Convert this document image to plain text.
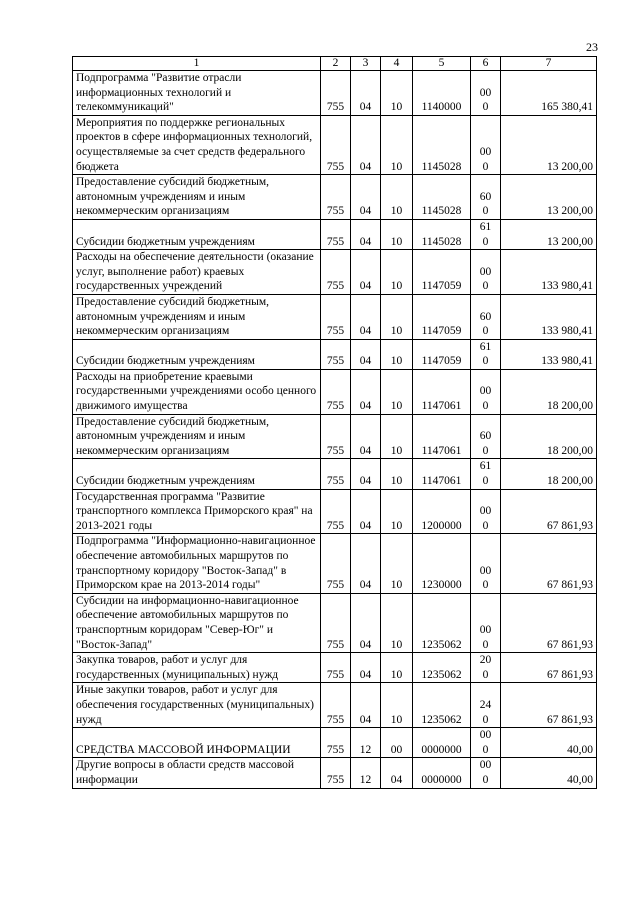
23
1	2	3	4	5	6	7
Подпрограмма "Развитие отрасли информационных технологий и телекоммуникаций"	755	04	10	1140000	000	165 380,41
Мероприятия по поддержке региональных проектов в сфере информационных технологий, осуществляемые за счет средств федерального бюджета	755	04	10	1145028	000	13 200,00
Предоставление субсидий бюджетным, автономным учреждениям и иным некоммерческим организациям	755	04	10	1145028	600	13 200,00
Субсидии бюджетным учреждениям	755	04	10	1145028	610	13 200,00
Расходы на обеспечение деятельности (оказание услуг, выполнение работ) краевых государственных учреждений	755	04	10	1147059	000	133 980,41
Предоставление субсидий бюджетным, автономным учреждениям и иным некоммерческим организациям	755	04	10	1147059	600	133 980,41
Субсидии бюджетным учреждениям	755	04	10	1147059	610	133 980,41
Расходы на приобретение краевыми государственными учреждениями особо ценного движимого имущества	755	04	10	1147061	000	18 200,00
Предоставление субсидий бюджетным, автономным учреждениям и иным некоммерческим организациям	755	04	10	1147061	600	18 200,00
Субсидии бюджетным учреждениям	755	04	10	1147061	610	18 200,00
Государственная программа "Развитие транспортного комплекса Приморского края" на 2013-2021 годы	755	04	10	1200000	000	67 861,93
Подпрограмма "Информационно-навигационное обеспечение автомобильных маршрутов по транспортному коридору "Восток-Запад" в Приморском крае на 2013-2014 годы"	755	04	10	1230000	000	67 861,93
Субсидии на информационно-навигационное обеспечение автомобильных маршрутов по транспортным коридорам "Север-Юг" и "Восток-Запад"	755	04	10	1235062	000	67 861,93
Закупка товаров, работ и услуг для государственных (муниципальных) нужд	755	04	10	1235062	200	67 861,93
Иные закупки товаров, работ и услуг для обеспечения государственных (муниципальных) нужд	755	04	10	1235062	240	67 861,93
СРЕДСТВА МАССОВОЙ ИНФОРМАЦИИ	755	12	00	0000000	000	40,00
Другие вопросы в области средств массовой информации	755	12	04	0000000	000	40,00
